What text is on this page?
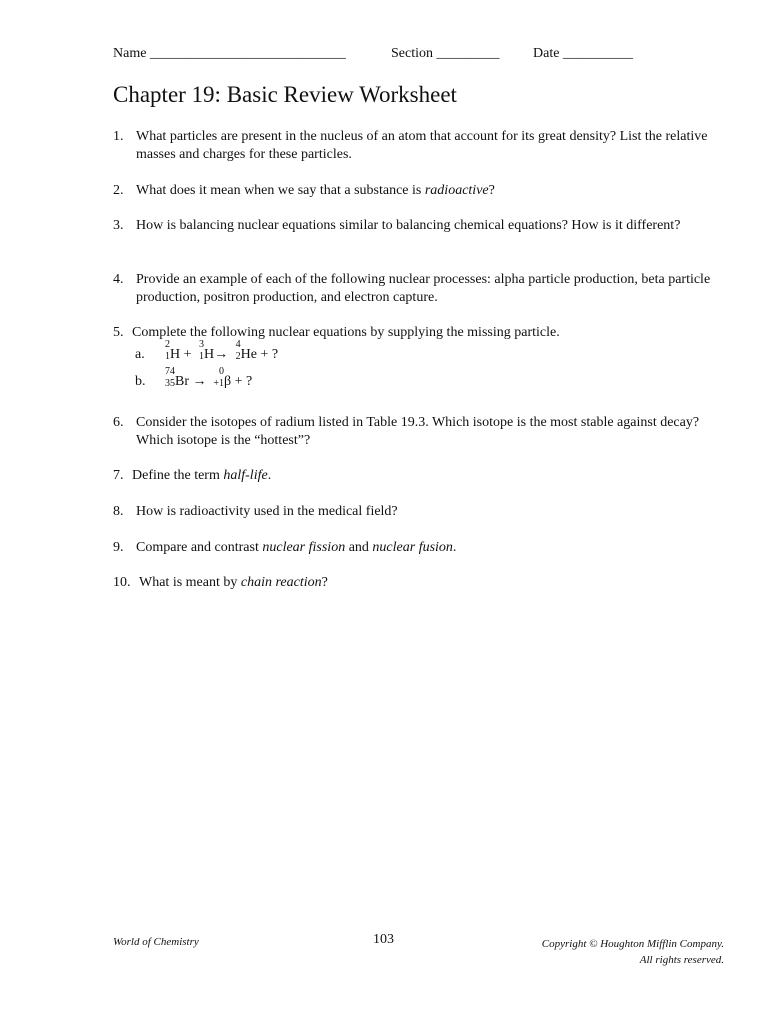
Name ____________________________	Section _________ Date __________
Chapter 19: Basic Review Worksheet
1. What particles are present in the nucleus of an atom that account for its great density? List the relative masses and charges for these particles.
2. What does it mean when we say that a substance is radioactive?
3. How is balancing nuclear equations similar to balancing chemical equations? How is it different?
4. Provide an example of each of the following nuclear processes: alpha particle production, beta particle production, positron production, and electron capture.
5. Complete the following nuclear equations by supplying the missing particle.
a.
2
1 H +
3
1 H→
4
2 He + ?
b.
74
35 Br →
0
+1 β + ?
6. Consider the isotopes of radium listed in Table 19.3. Which isotope is the most stable against decay? Which isotope is the “hottest”?
7. Define the term half-life.
8. How is radioactivity used in the medical field?
9. Compare and contrast nuclear fission and nuclear fusion.
10. What is meant by chain reaction?
World of Chemistry	103	Copyright © Houghton Mifflin Company.
All rights reserved.
